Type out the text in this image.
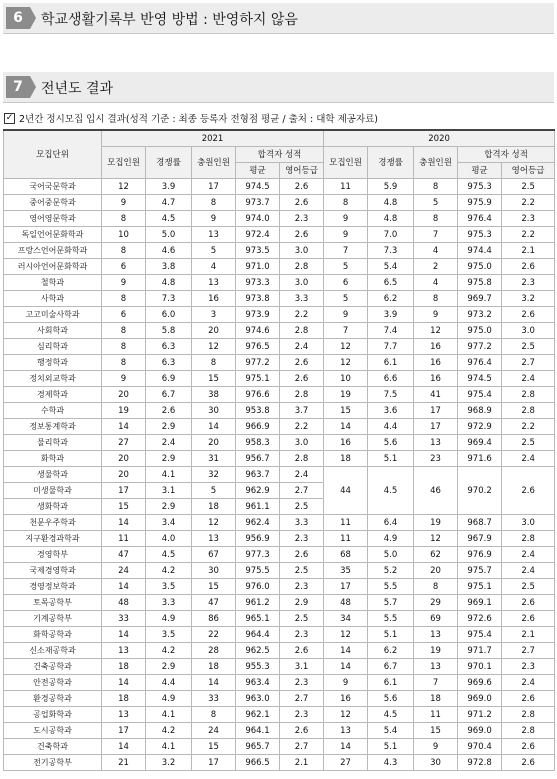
6	학교생활기록부 반영 방법 : 반영하지 않음
7	전년도 결과
✓ 2년간 정시모집 입시 결과(성적 기준 : 최종 등록자 전형점 평균 / 출처 : 대학 제공자료)
모집단위	2021					2020				
	모집인원	경쟁률	충원인원	합격자 성적		모집인원	경쟁률	충원인원	합격자 성적	
				평균	영어등급				평균	영어등급
국어국문학과	12	3.9	17	974.5	2.6	11	5.9	8	975.3	2.5
중어중문학과	9	4.7	8	973.7	2.6	8	4.8	5	975.9	2.2
영어영문학과	8	4.5	9	974.0	2.3	9	4.8	8	976.4	2.3
독일언어문화학과	10	5.0	13	972.4	2.6	9	7.0	7	975.3	2.2
프랑스언어문화학과	8	4.6	5	973.5	3.0	7	7.3	4	974.4	2.1
러시아언어문화학과	6	3.8	4	971.0	2.8	5	5.4	2	975.0	2.6
철학과	9	4.8	13	973.3	3.0	6	6.5	4	975.8	2.3
사학과	8	7.3	16	973.8	3.3	5	6.2	8	969.7	3.2
고고미술사학과	6	6.0	3	973.9	2.2	9	3.9	9	973.2	2.6
사회학과	8	5.8	20	974.6	2.8	7	7.4	12	975.0	3.0
심리학과	8	6.3	12	976.5	2.4	12	7.7	16	977.2	2.5
행정학과	8	6.3	8	977.2	2.6	12	6.1	16	976.4	2.7
정치외교학과	9	6.9	15	975.1	2.6	10	6.6	16	974.5	2.4
경제학과	20	6.7	38	976.6	2.8	19	7.5	41	975.4	2.8
수학과	19	2.6	30	953.8	3.7	15	3.6	17	968.9	2.8
정보통계학과	14	2.9	14	966.9	2.2	14	4.4	17	972.9	2.2
물리학과	27	2.4	20	958.3	3.0	16	5.6	13	969.4	2.5
화학과	20	2.9	31	956.7	2.8	18	5.1	23	971.6	2.4
생물학과	20	4.1	32	963.7	2.4	44	4.5	46	970.2	2.6
미생물학과	17	3.1	5	962.9	2.7					
생화학과	15	2.9	18	961.1	2.5					
천문우주학과	14	3.4	12	962.4	3.3	11	6.4	19	968.7	3.0
지구환경과학과	11	4.0	13	956.9	2.3	11	4.9	12	967.9	2.8
경영학부	47	4.5	67	977.3	2.6	68	5.0	62	976.9	2.4
국제경영학과	24	4.2	30	975.5	2.5	35	5.2	20	975.7	2.4
경영정보학과	14	3.5	15	976.0	2.3	17	5.5	8	975.1	2.5
토목공학부	48	3.3	47	961.2	2.9	48	5.7	29	969.1	2.6
기계공학부	33	4.9	86	965.1	2.5	34	5.5	69	972.6	2.6
화학공학과	14	3.5	22	964.4	2.3	12	5.1	13	975.4	2.1
신소재공학과	13	4.2	28	962.5	2.6	14	6.2	19	971.7	2.7
건축공학과	18	2.9	18	955.3	3.1	14	6.7	13	970.1	2.3
안전공학과	14	4.4	14	963.4	2.3	9	6.1	7	969.6	2.4
환경공학과	18	4.9	33	963.0	2.7	16	5.6	18	969.0	2.6
공업화학과	13	4.1	8	962.1	2.3	12	4.5	11	971.2	2.8
도시공학과	17	4.2	24	964.1	2.6	13	5.4	15	969.0	2.8
건축학과	14	4.1	15	965.7	2.7	14	5.1	9	970.4	2.6
전기공학부	21	3.2	17	966.5	2.1	27	4.3	30	972.8	2.6
